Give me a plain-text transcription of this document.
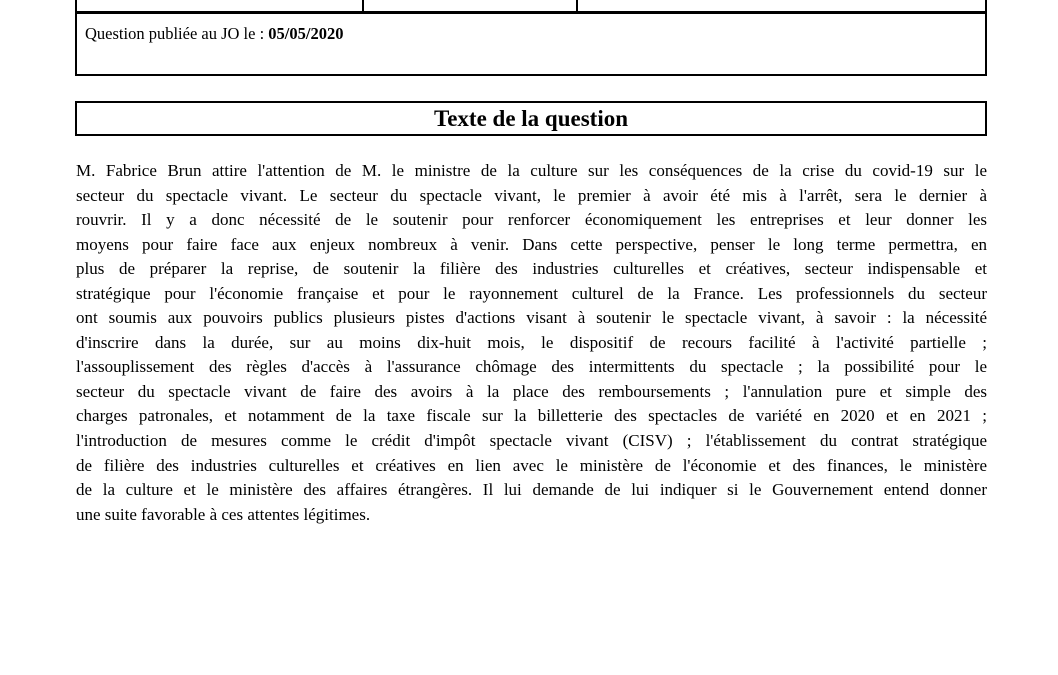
Question publiée au JO le : 05/05/2020
Texte de la question
M. Fabrice Brun attire l'attention de M. le ministre de la culture sur les conséquences de la crise du covid-19 sur le
secteur du spectacle vivant. Le secteur du spectacle vivant, le premier à avoir été mis à l'arrêt, sera le dernier à
rouvrir. Il y a donc nécessité de le soutenir pour renforcer économiquement les entreprises et leur donner les
moyens pour faire face aux enjeux nombreux à venir. Dans cette perspective, penser le long terme permettra, en
plus de préparer la reprise, de soutenir la filière des industries culturelles et créatives, secteur indispensable et
stratégique pour l'économie française et pour le rayonnement culturel de la France. Les professionnels du secteur
ont soumis aux pouvoirs publics plusieurs pistes d'actions visant à soutenir le spectacle vivant, à savoir : la nécessité
d'inscrire dans la durée, sur au moins dix-huit mois, le dispositif de recours facilité à l'activité partielle ;
l'assouplissement des règles d'accès à l'assurance chômage des intermittents du spectacle ; la possibilité pour le
secteur du spectacle vivant de faire des avoirs à la place des remboursements ; l'annulation pure et simple des
charges patronales, et notamment de la taxe fiscale sur la billetterie des spectacles de variété en 2020 et en 2021 ;
l'introduction de mesures comme le crédit d'impôt spectacle vivant (CISV) ; l'établissement du contrat stratégique
de filière des industries culturelles et créatives en lien avec le ministère de l'économie et des finances, le ministère
de la culture et le ministère des affaires étrangères. Il lui demande de lui indiquer si le Gouvernement entend donner
une suite favorable à ces attentes légitimes.
